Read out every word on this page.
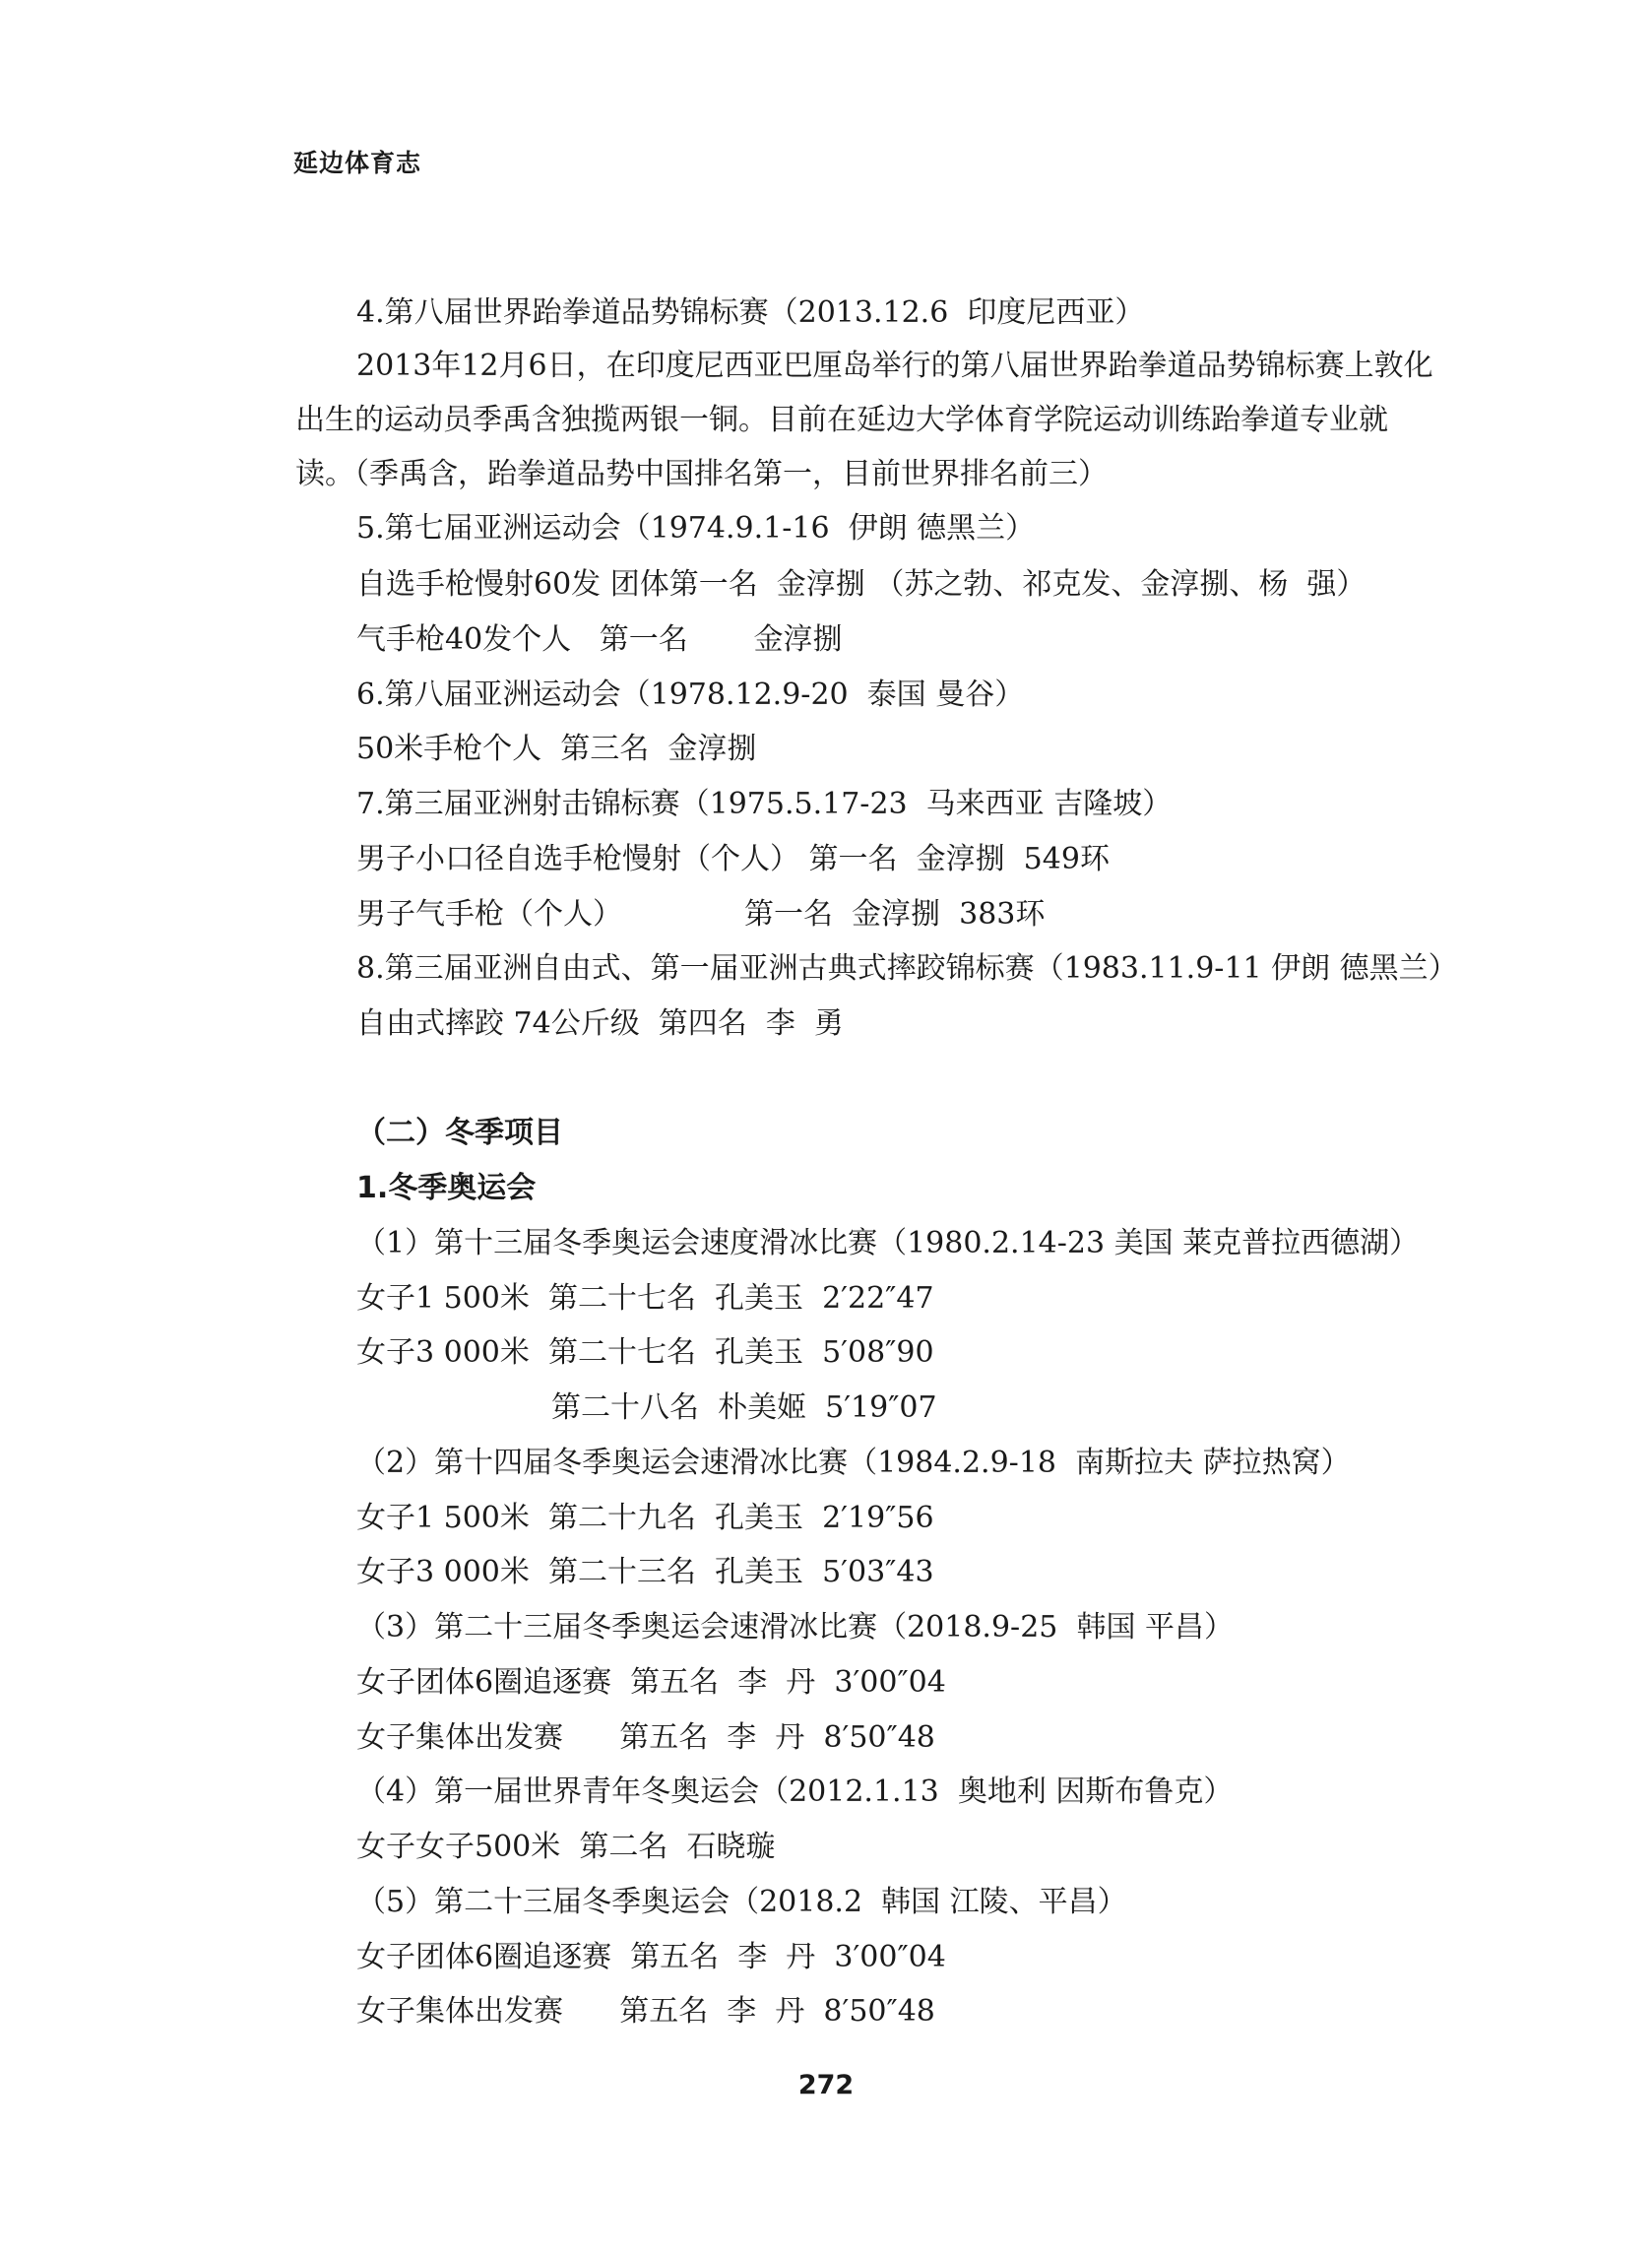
延边体育志
4.第八届世界跆拳道品势锦标赛（2013.12.6  印度尼西亚）
2013年12月6日，在印度尼西亚巴厘岛举行的第八届世界跆拳道品势锦标赛上敦化
出生的运动员季禹含独揽两银一铜。目前在延边大学体育学院运动训练跆拳道专业就
读。（季禹含，跆拳道品势中国排名第一，目前世界排名前三）
5.第七届亚洲运动会（1974.9.1-16  伊朗 德黑兰）
自选手枪慢射60发 团体第一名  金淳捌 （苏之勃、祁克发、金淳捌、杨  强）
气手枪40发个人   第一名       金淳捌
6.第八届亚洲运动会（1978.12.9-20  泰国 曼谷）
50米手枪个人  第三名  金淳捌
7.第三届亚洲射击锦标赛（1975.5.17-23  马来西亚 吉隆坡）
男子小口径自选手枪慢射（个人） 第一名  金淳捌  549环
男子气手枪（个人）             第一名  金淳捌  383环
8.第三届亚洲自由式、第一届亚洲古典式摔跤锦标赛（1983.11.9-11 伊朗 德黑兰）
自由式摔跤 74公斤级  第四名  李  勇
（二）冬季项目
1.冬季奥运会
（1）第十三届冬季奥运会速度滑冰比赛（1980.2.14-23 美国 莱克普拉西德湖）
女子1 500米  第二十七名  孔美玉  2′22″47
女子3 000米  第二十七名  孔美玉  5′08″90
第二十八名  朴美姬  5′19″07
（2）第十四届冬季奥运会速滑冰比赛（1984.2.9-18  南斯拉夫 萨拉热窝）
女子1 500米  第二十九名  孔美玉  2′19″56
女子3 000米  第二十三名  孔美玉  5′03″43
（3）第二十三届冬季奥运会速滑冰比赛（2018.9-25  韩国 平昌）
女子团体6圈追逐赛  第五名  李  丹  3′00″04
女子集体出发赛      第五名  李  丹  8′50″48
（4）第一届世界青年冬奥运会（2012.1.13  奥地利 因斯布鲁克）
女子女子500米  第二名  石晓璇
（5）第二十三届冬季奥运会（2018.2  韩国 江陵、平昌）
女子团体6圈追逐赛  第五名  李  丹  3′00″04
女子集体出发赛      第五名  李  丹  8′50″48
272
